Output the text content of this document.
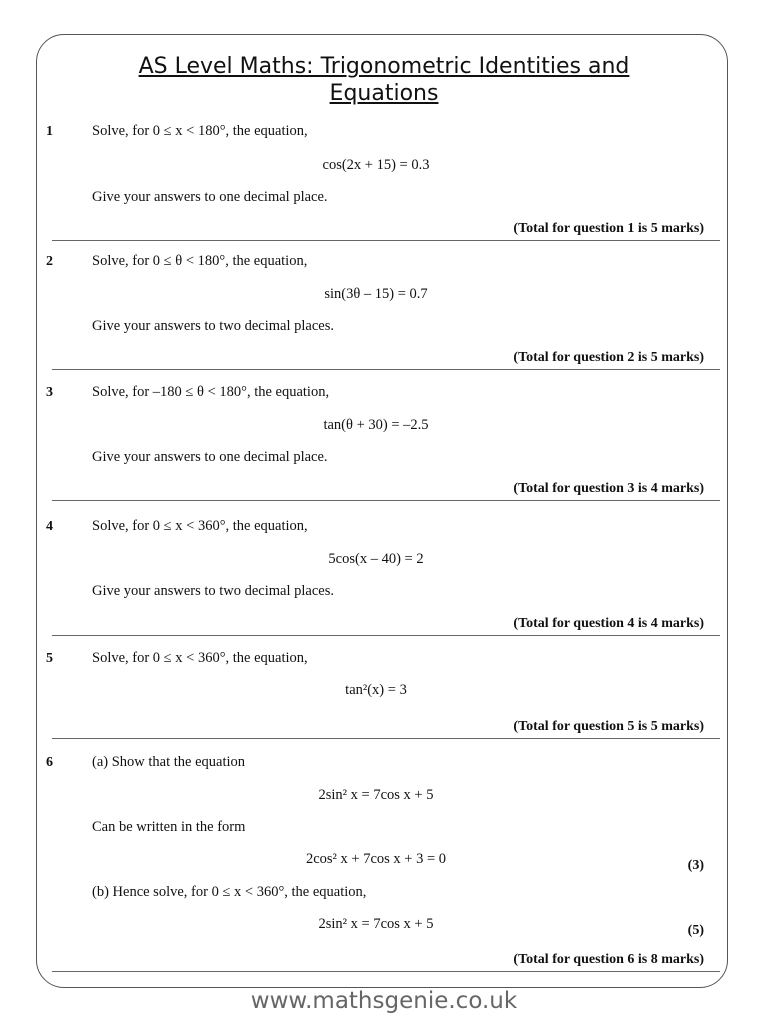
AS Level Maths: Trigonometric Identities and
Equations
1	Solve, for 0 ≤ x < 180°, the equation,
cos(2x + 15) = 0.3
Give your answers to one decimal place.
(Total for question 1 is 5 marks)
2	Solve, for 0 ≤ θ < 180°, the equation,
sin(3θ – 15) = 0.7
Give your answers to two decimal places.
(Total for question 2 is 5 marks)
3	Solve, for –180 ≤ θ < 180°, the equation,
tan(θ + 30) = –2.5
Give your answers to one decimal place.
(Total for question 3 is 4 marks)
4	Solve, for 0 ≤ x < 360°, the equation,
5cos(x – 40) = 2
Give your answers to two decimal places.
(Total for question 4 is 4 marks)
5	Solve, for 0 ≤ x < 360°, the equation,
tan²(x) = 3
(Total for question 5 is 5 marks)
6	(a) Show that the equation
2sin² x = 7cos x + 5
Can be written in the form
2cos² x + 7cos x + 3 = 0	(3)
(b) Hence solve, for 0 ≤ x < 360°, the equation,
2sin² x = 7cos x + 5	(5)
(Total for question 6 is 8 marks)
www.mathsgenie.co.uk
